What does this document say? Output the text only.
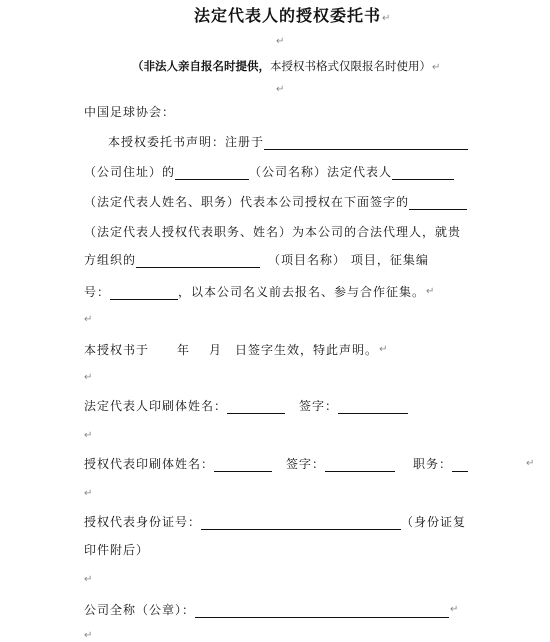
法定代表人的授权委托书↵
↵
（非法人亲自报名时提供，本授权书格式仅限报名时使用）↵
↵
中国足球协会：
本授权委托书声明：注册于
（公司住址）的	（公司名称）法定代表人
（法定代表人姓名、职务）代表本公司授权在下面签字的
（法定代表人授权代表职务、姓名）为本公司的合法代理人，就贵
方组织的	（项目名称） 项目，征集编
号：	，以本公司名义前去报名、参与合作征集。↵
↵
本授权书于 年 月 日签字生效，特此声明。↵
↵
法定代表人印刷体姓名：	签字：
↵
授权代表印刷体姓名：	签字：	职务：	↵
↵
授权代表身份证号：	（身份证复
印件附后）
↵
公司全称（公章）：	↵
↵
